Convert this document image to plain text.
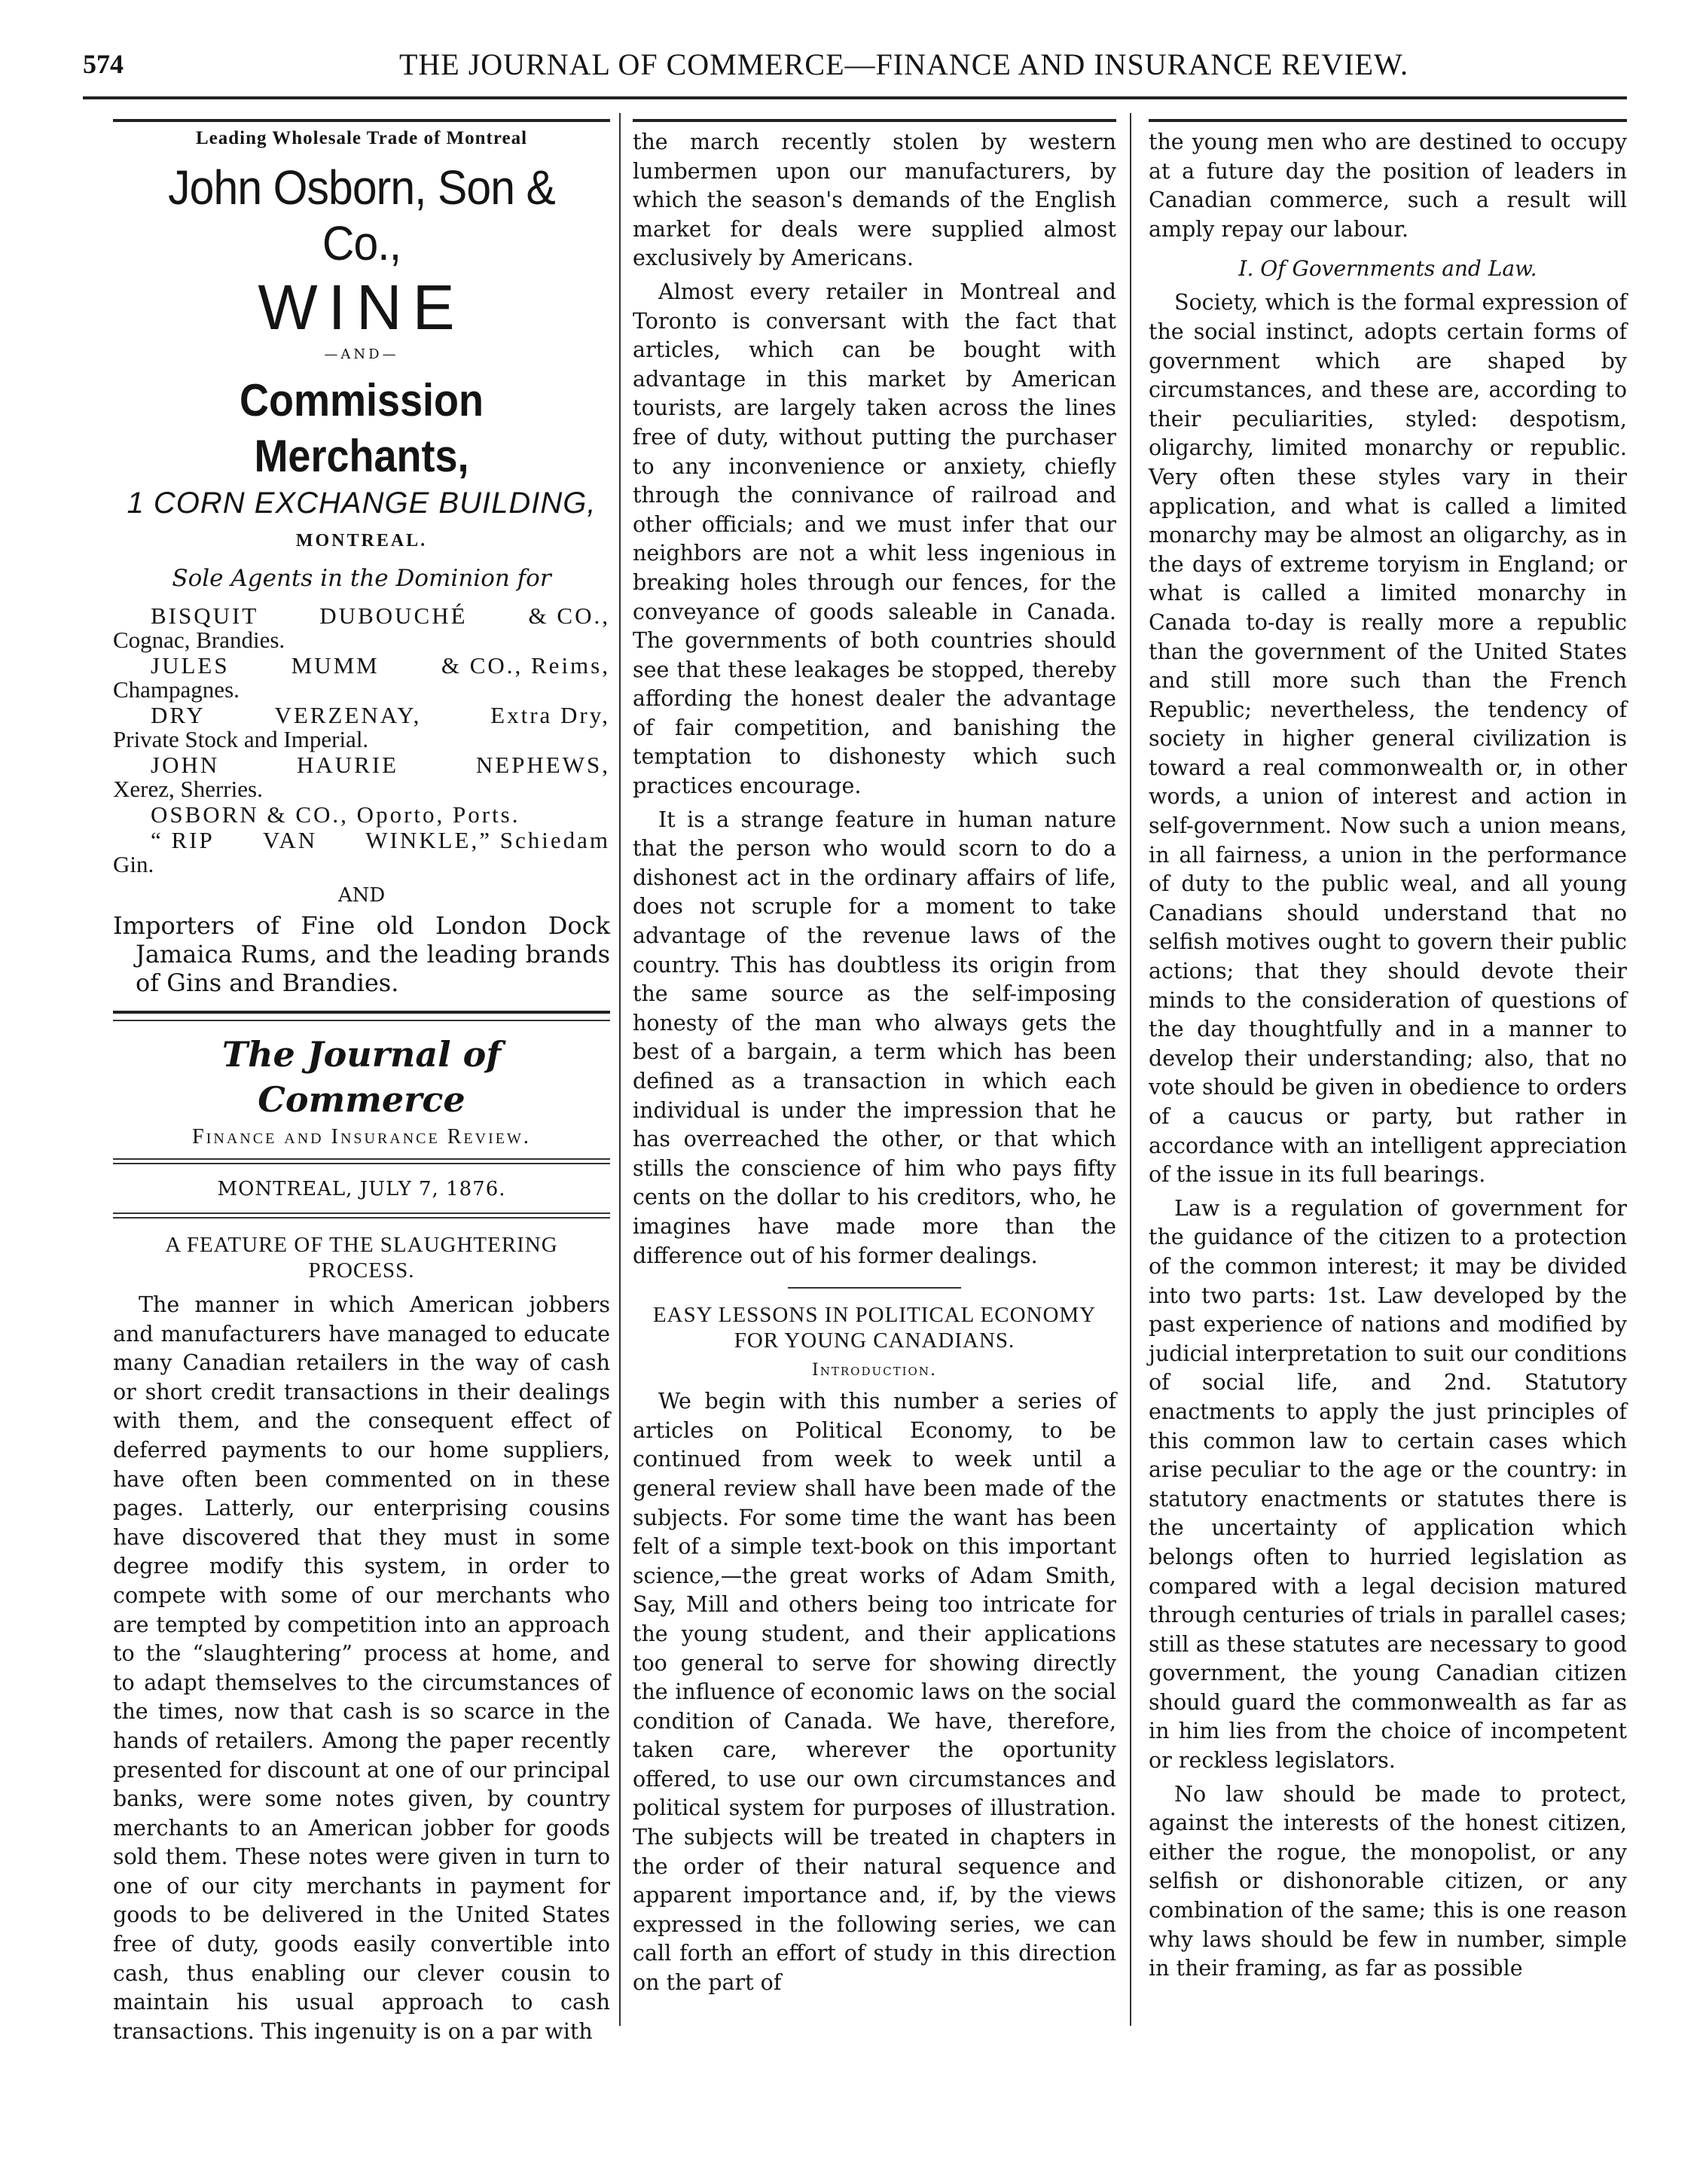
574	THE JOURNAL OF COMMERCE—FINANCE AND INSURANCE REVIEW.
Leading Wholesale Trade of Montreal
John Osborn, Son & Co.,
WINE
—AND—
Commission Merchants,
1 CORN EXCHANGE BUILDING,
MONTREAL.
Sole Agents in the Dominion for
BISQUIT	DUBOUCHÉ	& CO.,
Cognac, Brandies.
JULES	MUMM	& CO., Reims,
Champagnes.
DRY	VERZENAY,	Extra Dry,
Private Stock and Imperial.
JOHN	HAURIE	NEPHEWS,
Xerez, Sherries.
OSBORN & CO., Oporto, Ports.
“ RIP VAN WINKLE,” Schiedam
Gin.
AND
Importers of Fine old London Dock Jamaica Rums, and the leading brands of Gins and Brandies.
The Journal of Commerce
Finance and Insurance Review.
MONTREAL, JULY 7, 1876.
A FEATURE OF THE SLAUGHTERING PROCESS.

The manner in which American jobbers and manufacturers have managed to educate many Canadian retailers in the way of cash or short credit transactions in their dealings with them, and the consequent effect of deferred payments to our home suppliers, have often been commented on in these pages. Latterly, our enterprising cousins have discovered that they must in some degree modify this system, in order to compete with some of our merchants who are tempted by competition into an approach to the “slaughtering” process at home, and to adapt themselves to the circumstances of the times, now that cash is so scarce in the hands of retailers. Among the paper recently presented for discount at one of our principal banks, were some notes given, by country merchants to an American jobber for goods sold them. These notes were given in turn to one of our city merchants in payment for goods to be delivered in the United States free of duty, goods easily convertible into cash, thus enabling our clever cousin to maintain his usual approach to cash transactions. This ingenuity is on a par with

the march recently stolen by western lumbermen upon our manufacturers, by which the season's demands of the English market for deals were supplied almost exclusively by Americans.

Almost every retailer in Montreal and Toronto is conversant with the fact that articles, which can be bought with advantage in this market by American tourists, are largely taken across the lines free of duty, without putting the purchaser to any inconvenience or anxiety, chiefly through the connivance of railroad and other officials; and we must infer that our neighbors are not a whit less ingenious in breaking holes through our fences, for the conveyance of goods saleable in Canada. The governments of both countries should see that these leakages be stopped, thereby affording the honest dealer the advantage of fair competition, and banishing the temptation to dishonesty which such practices encourage.

It is a strange feature in human nature that the person who would scorn to do a dishonest act in the ordinary affairs of life, does not scruple for a moment to take advantage of the revenue laws of the country. This has doubtless its origin from the same source as the self-imposing honesty of the man who always gets the best of a bargain, a term which has been defined as a transaction in which each individual is under the impression that he has overreached the other, or that which stills the conscience of him who pays fifty cents on the dollar to his creditors, who, he imagines have made more than the difference out of his former dealings.

EASY LESSONS IN POLITICAL ECONOMY FOR YOUNG CANADIANS.
Introduction.

We begin with this number a series of articles on Political Economy, to be continued from week to week until a general review shall have been made of the subjects. For some time the want has been felt of a simple text-book on this important science,—the great works of Adam Smith, Say, Mill and others being too intricate for the young student, and their applications too general to serve for showing directly the influence of economic laws on the social condition of Canada. We have, therefore, taken care, wherever the oportunity offered, to use our own circumstances and political system for purposes of illustration. The subjects will be treated in chapters in the order of their natural sequence and apparent importance and, if, by the views expressed in the following series, we can call forth an effort of study in this direction on the part of

the young men who are destined to occupy at a future day the position of leaders in Canadian commerce, such a result will amply repay our labour.

I. Of Governments and Law.

Society, which is the formal expression of the social instinct, adopts certain forms of government which are shaped by circumstances, and these are, according to their peculiarities, styled: despotism, oligarchy, limited monarchy or republic. Very often these styles vary in their application, and what is called a limited monarchy may be almost an oligarchy, as in the days of extreme toryism in England; or what is called a limited monarchy in Canada to-day is really more a republic than the government of the United States and still more such than the French Republic; nevertheless, the tendency of society in higher general civilization is toward a real commonwealth or, in other words, a union of interest and action in self-government. Now such a union means, in all fairness, a union in the performance of duty to the public weal, and all young Canadians should understand that no selfish motives ought to govern their public actions; that they should devote their minds to the consideration of questions of the day thoughtfully and in a manner to develop their understanding; also, that no vote should be given in obedience to orders of a caucus or party, but rather in accordance with an intelligent appreciation of the issue in its full bearings.

Law is a regulation of government for the guidance of the citizen to a protection of the common interest; it may be divided into two parts: 1st. Law developed by the past experience of nations and modified by judicial interpretation to suit our conditions of social life, and 2nd. Statutory enactments to apply the just principles of this common law to certain cases which arise peculiar to the age or the country: in statutory enactments or statutes there is the uncertainty of application which belongs often to hurried legislation as compared with a legal decision matured through centuries of trials in parallel cases; still as these statutes are necessary to good government, the young Canadian citizen should guard the commonwealth as far as in him lies from the choice of incompetent or reckless legislators.

No law should be made to protect, against the interests of the honest citizen, either the rogue, the monopolist, or any selfish or dishonorable citizen, or any combination of the same; this is one reason why laws should be few in number, simple in their framing, as far as possible
